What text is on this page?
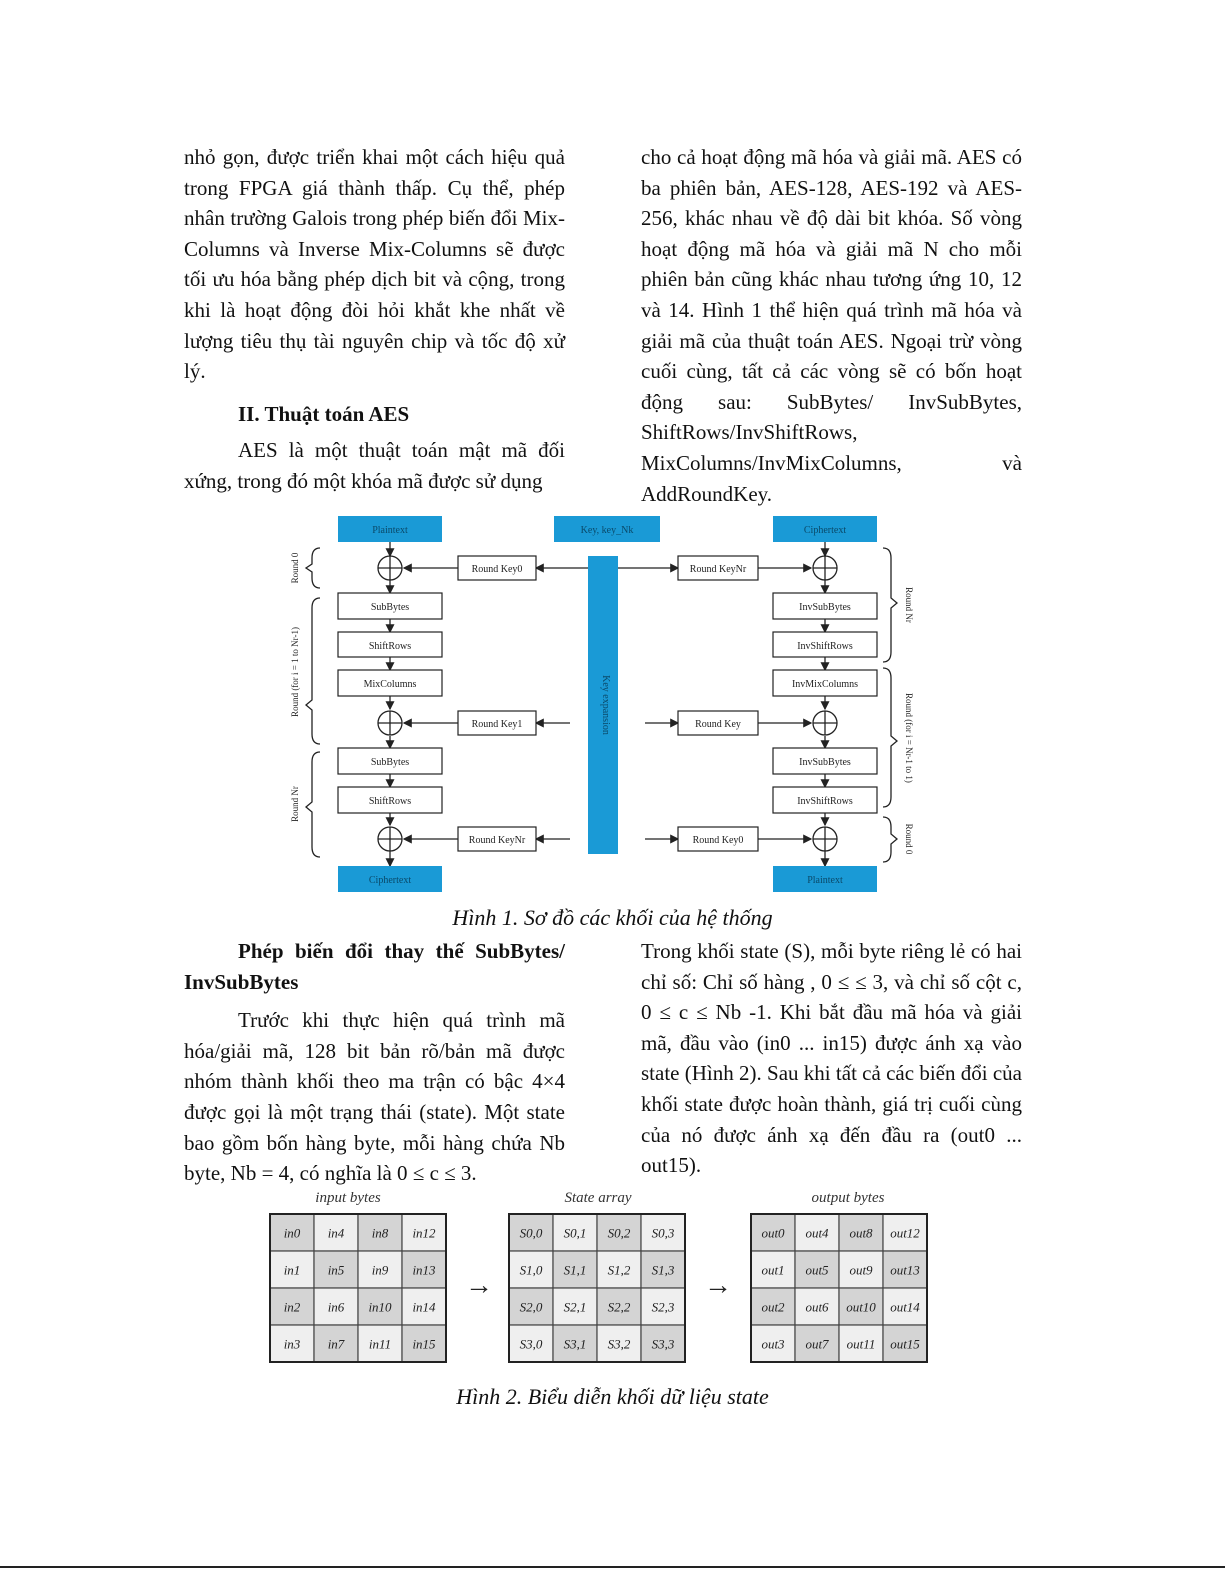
nhỏ gọn, được triển khai một cách hiệu quả trong FPGA giá thành thấp. Cụ thể, phép nhân trường Galois trong phép biến đổi Mix-Columns và Inverse Mix-Columns sẽ được tối ưu hóa bằng phép dịch bit và cộng, trong khi là hoạt động đòi hỏi khắt khe nhất về lượng tiêu thụ tài nguyên chip và tốc độ xử lý.

II. Thuật toán AES

AES là một thuật toán mật mã đối xứng, trong đó một khóa mã được sử dụng

cho cả hoạt động mã hóa và giải mã. AES có ba phiên bản, AES-128, AES-192 và AES-256, khác nhau về độ dài bit khóa. Số vòng hoạt động mã hóa và giải mã N cho mỗi phiên bản cũng khác nhau tương ứng 10, 12 và 14. Hình 1 thể hiện quá trình mã hóa và giải mã của thuật toán AES. Ngoại trừ vòng cuối cùng, tất cả các vòng sẽ có bốn hoạt động sau: SubBytes/ InvSubBytes, ShiftRows/InvShiftRows, MixColumns/InvMixColumns, và AddRoundKey.

Plaintext
Ciphertext
Ciphertext
Plaintext
Key, key_Nk
Key expansion
SubBytes
ShiftRows
MixColumns
SubBytes
ShiftRows
InvSubBytes
InvShiftRows
InvMixColumns
InvSubBytes
InvShiftRows
Round Key0
Round Key1
Round KeyNr
Round KeyNr
Round Key
Round Key0
Round 0
Round (for i = 1 to Nr-1)
Round Nr
Round Nr
Round (for i = Nr-1 to 1)
Round 0
Hình 1. Sơ đồ các khối của hệ thống

Phép biến đổi thay thế SubBytes/ InvSubBytes

Trước khi thực hiện quá trình mã hóa/giải mã, 128 bit bản rõ/bản mã được nhóm thành khối theo ma trận có bậc 4×4 được gọi là một trạng thái (state). Một state bao gồm bốn hàng byte, mỗi hàng chứa Nb byte, Nb = 4, có nghĩa là 0 ≤ c ≤ 3.

Trong khối state (S), mỗi byte riêng lẻ có hai chỉ số: Chỉ số hàng , 0 ≤ ≤ 3, và chỉ số cột c, 0 ≤ c ≤ Nb -1. Khi bắt đầu mã hóa và giải mã, đầu vào (in0 ... in15) được ánh xạ vào state (Hình 2). Sau khi tất cả các biến đổi của khối state được hoàn thành, giá trị cuối cùng của nó được ánh xạ đến đầu ra (out0 ... out15).

in0 in4 in8 in12
in1 in5 in9 in13
in2 in6 in10 in14
in3 in7 in11 in15
S0,0 S0,1 S0,2 S0,3
S1,0 S1,1 S1,2 S1,3
S2,0 S2,1 S2,2 S2,3
S3,0 S3,1 S3,2 S3,3
out0 out4 out8 out12
out1 out5 out9 out13
out2 out6 out10 out14
out3 out7 out11 out15
input bytes	State array	output bytes
→	→
Hình 2. Biểu diễn khối dữ liệu state
